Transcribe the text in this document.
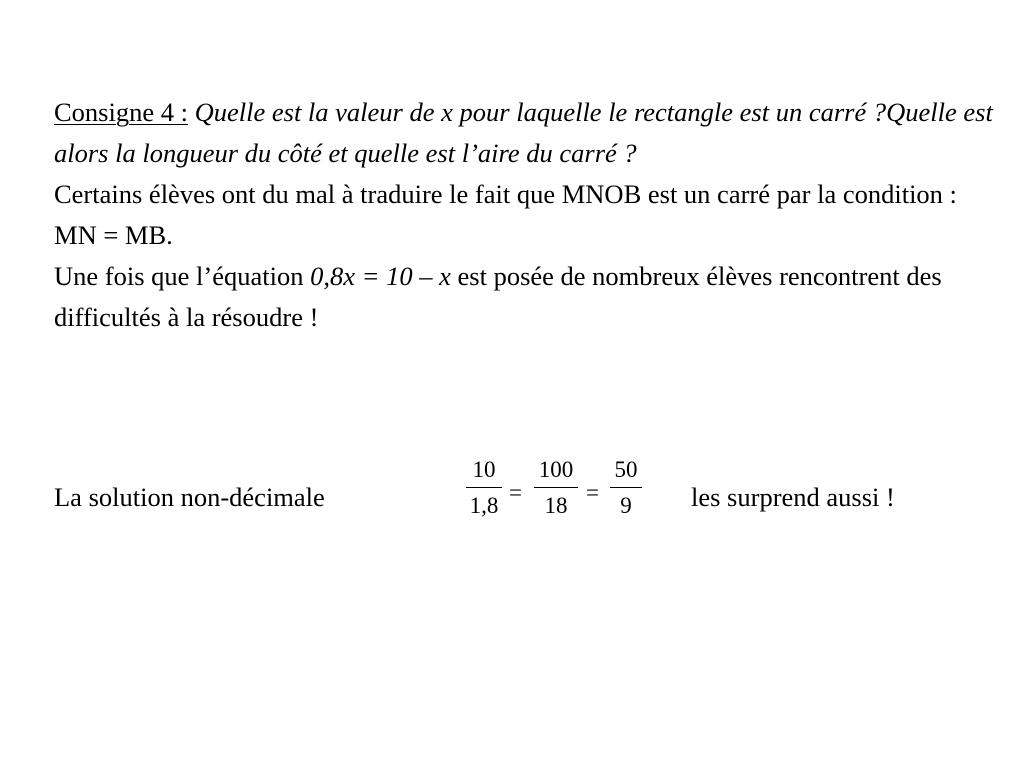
Consigne 4 : Quelle est la valeur de x pour laquelle le rectangle est un carré ?Quelle est alors la longueur du côté et quelle est l’aire du carré ?

Certains élèves ont du mal à traduire le fait que MNOB est un carré par la condition : MN = MB.

Une fois que l’équation 0,8x = 10 – x est posée de nombreux élèves rencontrent des difficultés à la résoudre !

La solution non-décimale
10
1,8
=
100
18
=
50
9 les surprend aussi !
